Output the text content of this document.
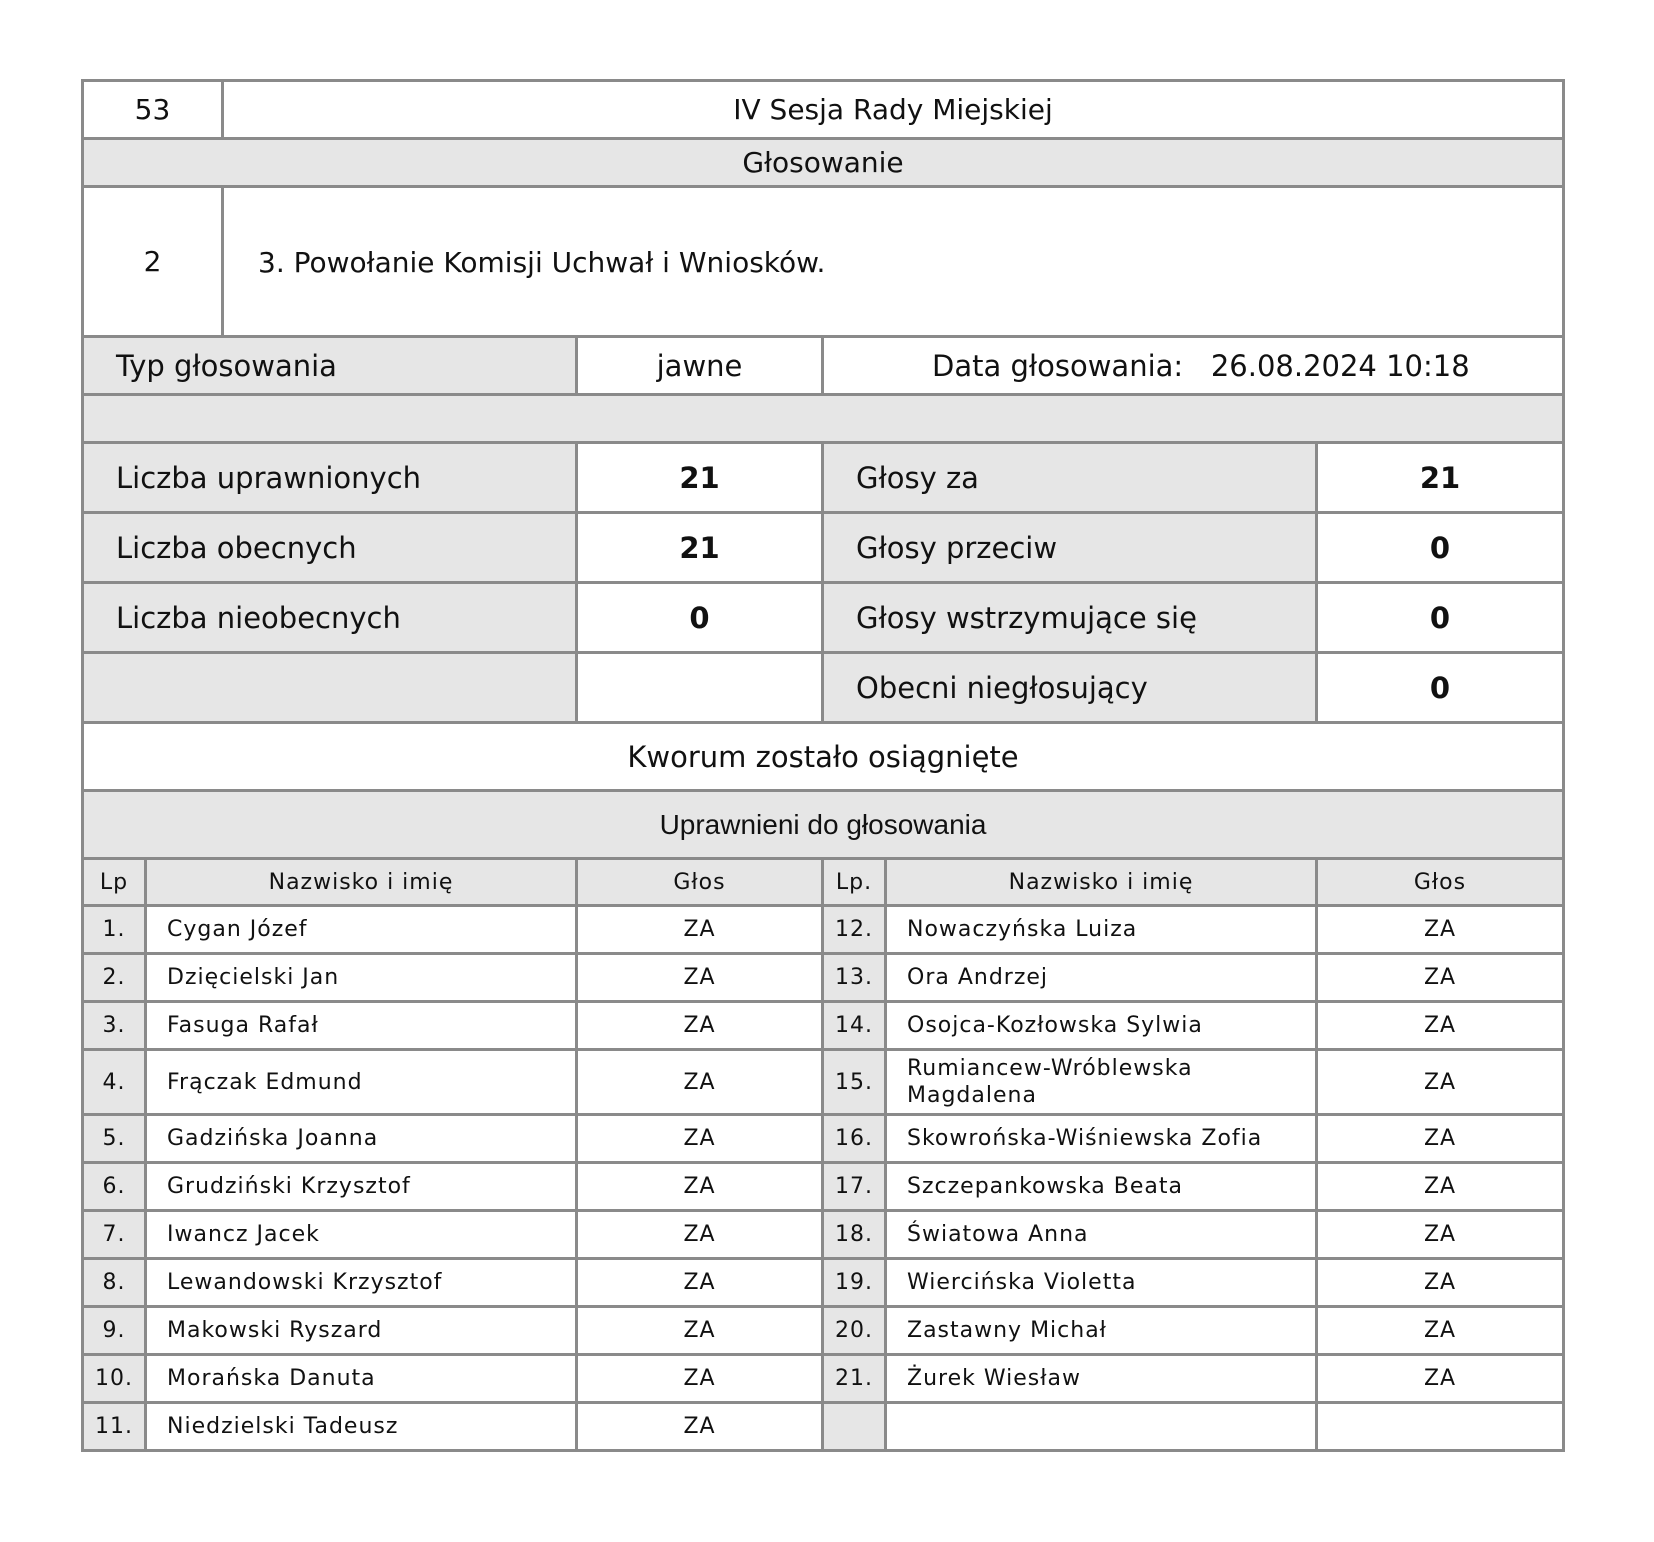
53	IV Sesja Rady Miejskiej
Głosowanie	
2	3. Powołanie Komisji Uchwał i Wniosków.
Typ głosowania	jawne	Data głosowania: 26.08.2024 10:18

Liczba uprawnionych	21	Głosy za	21
Liczba obecnych	21	Głosy przeciw	0
Liczba nieobecnych	0	Głosy wstrzymujące się	0
		Obecni niegłosujący	0
Kworum zostało osiągnięte			
Uprawnieni do głosowania			
Lp	Nazwisko i imię	Głos	Lp.	Nazwisko i imię	Głos
1.	Cygan Józef	ZA	12.	Nowaczyńska Luiza	ZA
2.	Dzięcielski Jan	ZA	13.	Ora Andrzej	ZA
3.	Fasuga Rafał	ZA	14.	Osojca-Kozłowska Sylwia	ZA
4.	Frączak Edmund	ZA	15.	Rumiancew-Wróblewska Magdalena	ZA
5.	Gadzińska Joanna	ZA	16.	Skowrońska-Wiśniewska Zofia	ZA
6.	Grudziński Krzysztof	ZA	17.	Szczepankowska Beata	ZA
7.	Iwancz Jacek	ZA	18.	Światowa Anna	ZA
8.	Lewandowski Krzysztof	ZA	19.	Wiercińska Violetta	ZA
9.	Makowski Ryszard	ZA	20.	Zastawny Michał	ZA
10.	Morańska Danuta	ZA	21.	Żurek Wiesław	ZA
11.	Niedzielski Tadeusz	ZA			
